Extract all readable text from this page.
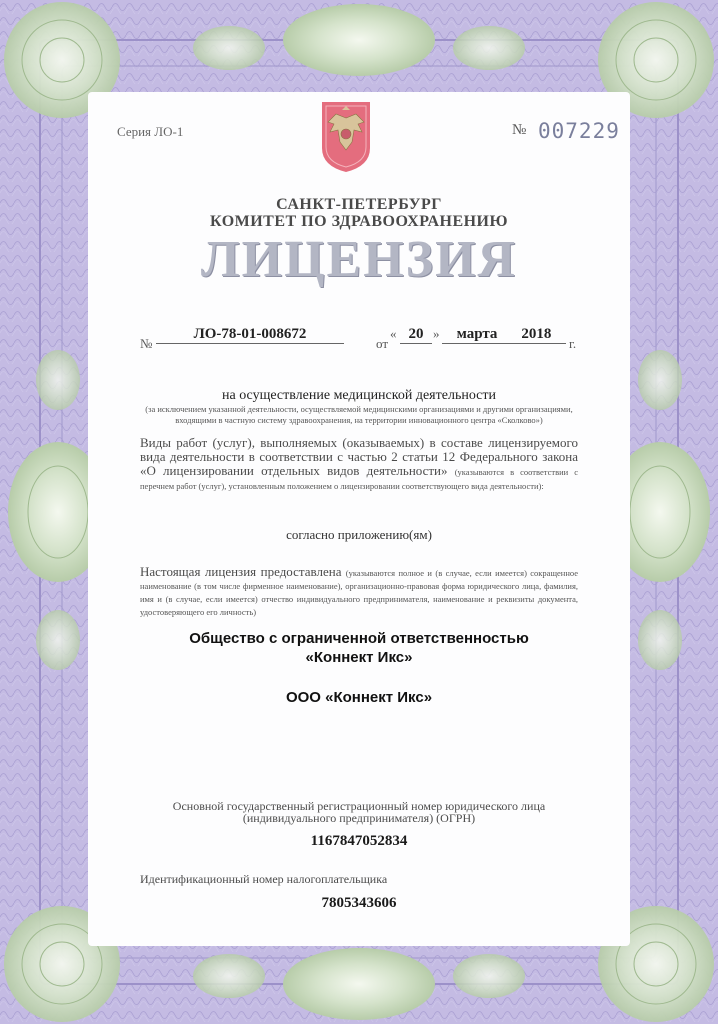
Серия ЛО-1	№ 007229

САНКТ-ПЕТЕРБУРГ

КОМИТЕТ ПО ЗДРАВООХРАНЕНИЮ

ЛИЦЕНЗИЯ

№
ЛО-78-01-008672
от
« 20 »	марта 2018
г.

на осуществление медицинской деятельности

(за исключением указанной деятельности, осуществляемой медицинскими организациями и другими организациями, входящими в частную систему здравоохранения, на территории инновационного центра «Сколково»)

Виды работ (услуг), выполняемых (оказываемых) в составе лицензируемого вида деятельности в соответствии с частью 2 статьи 12 Федерального закона «О лицензировании отдельных видов деятельности» (указываются в соответствии с перечнем работ (услуг), установленным положением о лицензировании соответствующего вида деятельности):

согласно приложению(ям)

Настоящая лицензия предоставлена (указываются полное и (в случае, если имеется) сокращенное наименование (в том числе фирменное наименование), организационно-правовая форма юридического лица, фамилия, имя и (в случае, если имеется) отчество индивидуального предпринимателя, наименование и реквизиты документа, удостоверяющего его личность)

Общество с ограниченной ответственностью

«Коннект Икс»

ООО «Коннект Икс»

Основной государственный регистрационный номер юридического лица (индивидуального предпринимателя) (ОГРН)

1167847052834

Идентификационный номер налогоплательщика

7805343606
